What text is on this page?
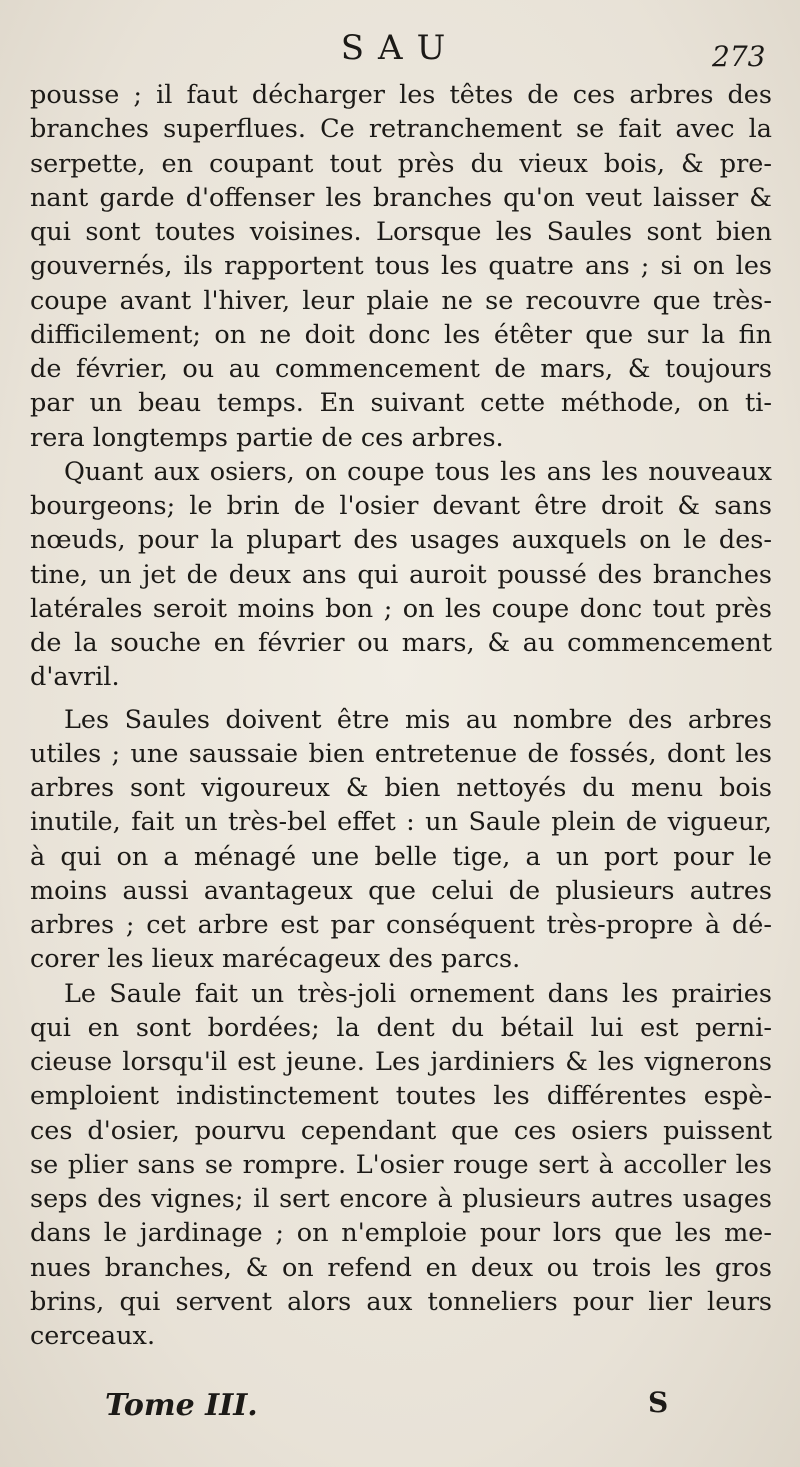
SAU	273
pousse ; il faut décharger les têtes de ces arbres des
branches superflues. Ce retranchement se fait avec la
serpette, en coupant tout près du vieux bois, & pre-
nant garde d'offenser les branches qu'on veut laisser &
qui sont toutes voisines. Lorsque les Saules sont bien
gouvernés, ils rapportent tous les quatre ans ; si on les
coupe avant l'hiver, leur plaie ne se recouvre que très-
difficilement; on ne doit donc les étêter que sur la fin
de février, ou au commencement de mars, & toujours
par un beau temps. En suivant cette méthode, on ti-
rera longtemps partie de ces arbres.
Quant aux osiers, on coupe tous les ans les nouveaux
bourgeons; le brin de l'osier devant être droit & sans
nœuds, pour la plupart des usages auxquels on le des-
tine, un jet de deux ans qui auroit poussé des branches
latérales seroit moins bon ; on les coupe donc tout près
de la souche en février ou mars, & au commencement
d'avril.
Les Saules doivent être mis au nombre des arbres
utiles ; une saussaie bien entretenue de fossés, dont les
arbres sont vigoureux & bien nettoyés du menu bois
inutile, fait un très-bel effet : un Saule plein de vigueur,
à qui on a ménagé une belle tige, a un port pour le
moins aussi avantageux que celui de plusieurs autres
arbres ; cet arbre est par conséquent très-propre à dé-
corer les lieux marécageux des parcs.
Le Saule fait un très-joli ornement dans les prairies
qui en sont bordées; la dent du bétail lui est perni-
cieuse lorsqu'il est jeune. Les jardiniers & les vignerons
emploient indistinctement toutes les différentes espè-
ces d'osier, pourvu cependant que ces osiers puissent
se plier sans se rompre. L'osier rouge sert à accoller les
seps des vignes; il sert encore à plusieurs autres usages
dans le jardinage ; on n'emploie pour lors que les me-
nues branches, & on refend en deux ou trois les gros
brins, qui servent alors aux tonneliers pour lier leurs
cerceaux.
Tome III.	S
